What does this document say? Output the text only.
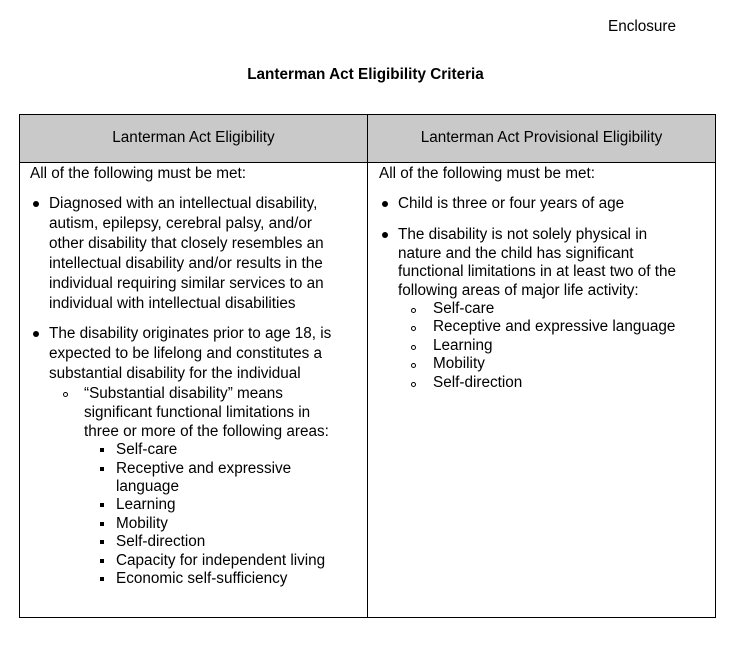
Enclosure
Lanterman Act Eligibility Criteria
Lanterman Act Eligibility	Lanterman Act Provisional Eligibility
All of the following must be met:
Diagnosed with an intellectual disability,
autism, epilepsy, cerebral palsy, and/or
other disability that closely resembles an
intellectual disability and/or results in the
individual requiring similar services to an
individual with intellectual disabilities
The disability originates prior to age 18, is
expected to be lifelong and constitutes a
substantial disability for the individual
“Substantial disability” means
significant functional limitations in
three or more of the following areas:
Self-care
Receptive and expressive
language
Learning
Mobility
Self-direction
Capacity for independent living
Economic self-sufficiency
All of the following must be met:
Child is three or four years of age
The disability is not solely physical in
nature and the child has significant
functional limitations in at least two of the
following areas of major life activity:
Self-care
Receptive and expressive language
Learning
Mobility
Self-direction
